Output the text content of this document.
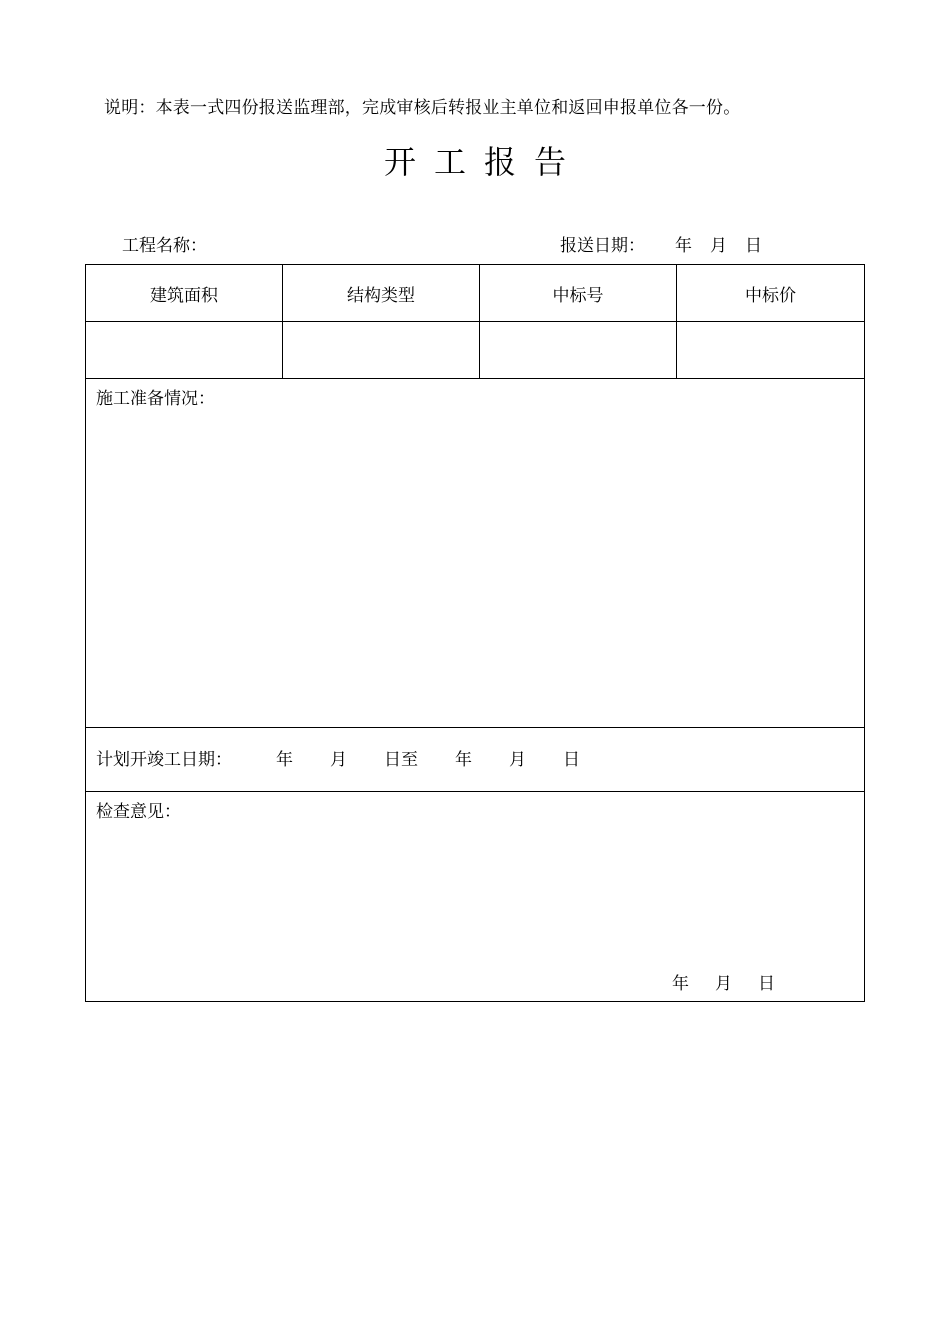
说明：本表一式四份报送监理部，完成审核后转报业主单位和返回申报单位各一份。
开工报告
工程名称：	报送日期： 年 月 日
建筑面积	结构类型	中标号	中标价
施工准备情况：
计划开竣工日期：	年 月 日至 年 月 日
检查意见：
年 月 日
